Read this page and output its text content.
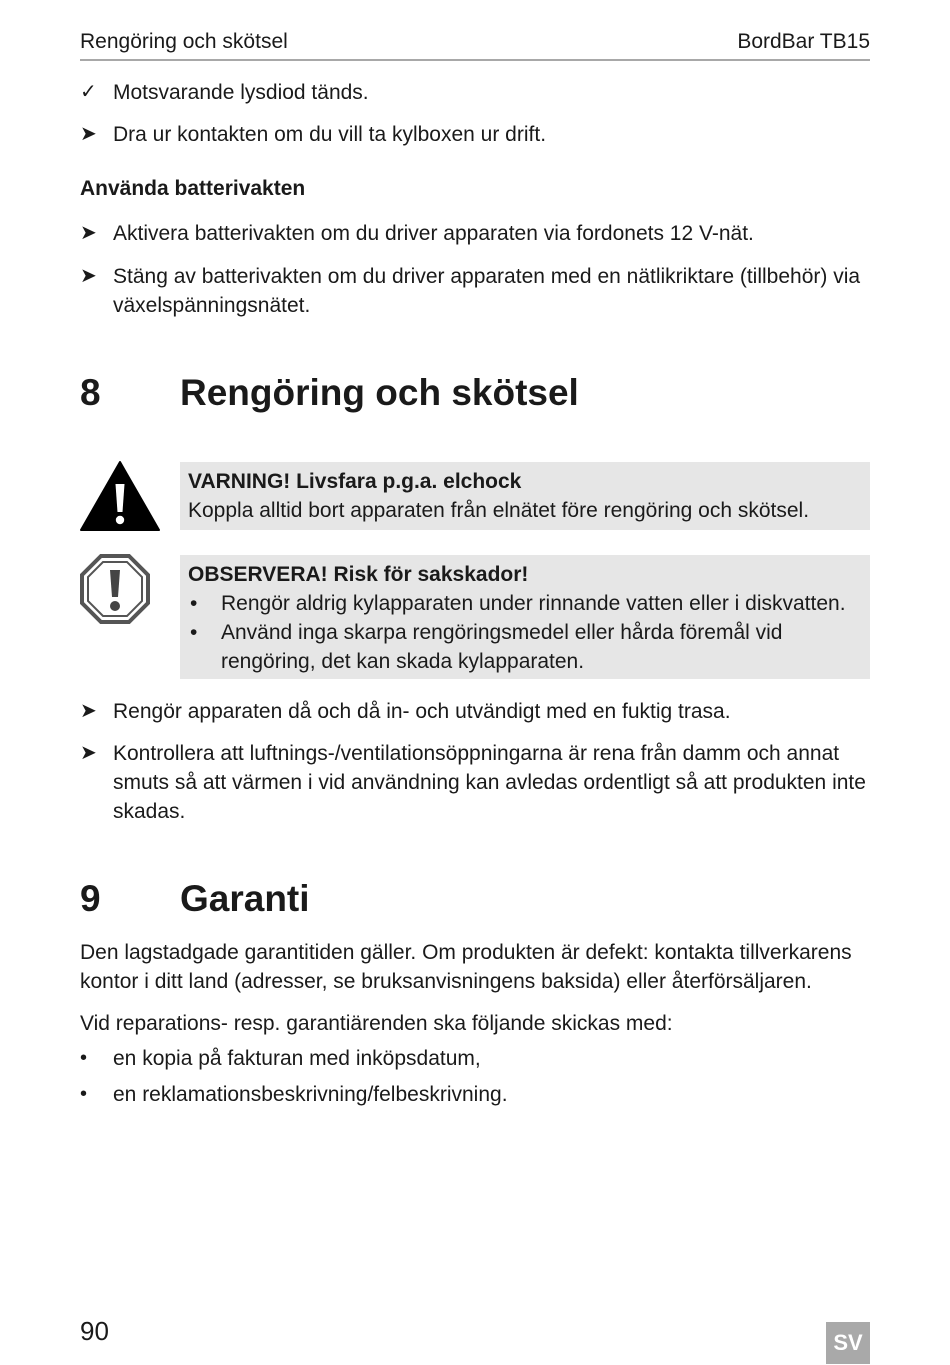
Rengöring och skötsel	BordBar TB15
✓ Motsvarande lysdiod tänds.
➤ Dra ur kontakten om du vill ta kylboxen ur drift.
Använda batterivakten
➤ Aktivera batterivakten om du driver apparaten via fordonets 12 V-nät.
➤ Stäng av batterivakten om du driver apparaten med en nätlikriktare (tillbehör) via växelspänningsnätet.
8 Rengöring och skötsel
VARNING! Livsfara p.g.a. elchock
Koppla alltid bort apparaten från elnätet före rengöring och skötsel.
OBSERVERA! Risk för sakskador!
• Rengör aldrig kylapparaten under rinnande vatten eller i diskvatten.
• Använd inga skarpa rengöringsmedel eller hårda föremål vid rengöring, det kan skada kylapparaten.
➤ Rengör apparaten då och då in- och utvändigt med en fuktig trasa.
➤ Kontrollera att luftnings-/ventilationsöppningarna är rena från damm och annat smuts så att värmen i vid användning kan avledas ordentligt så att produkten inte skadas.
9 Garanti
Den lagstadgade garantitiden gäller. Om produkten är defekt: kontakta tillverkarens kontor i ditt land (adresser, se bruksanvisningens baksida) eller återförsäljaren.
Vid reparations- resp. garantiärenden ska följande skickas med:
•	en kopia på fakturan med inköpsdatum,
•	en reklamationsbeskrivning/felbeskrivning.
90	SV
